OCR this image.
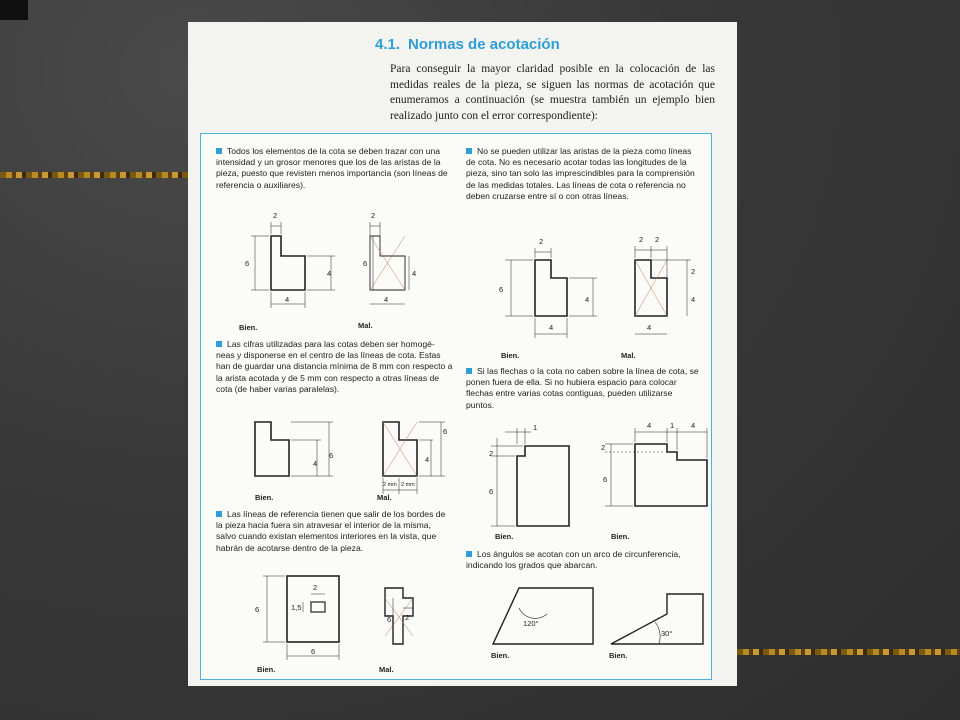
4.1. Normas de acotación
Para conseguir la mayor claridad posible en la colocación de las medidas reales de la pieza, se siguen las normas de acotación que enumeramos a continuación (se muestra también un ejemplo bien realizado junto con el error correspondiente):
Todos los elementos de la cota se deben trazar con una intensidad y un grosor menores que los de las aristas de la pieza, puesto que revisten menos importancia (son líneas de referencia o auxiliares).
2
6
4
4
2
6
4
4
Bien.	Mal.
No se pueden utilizar las aristas de la pieza como líneas de cota. No es necesario acotar todas las longitudes de la pieza, sino tan solo las imprescindibles para la comprensión de las medidas totales. Las líneas de cota o referencia no deben cruzarse entre sí o con otras líneas.
2
6
4
4
2 2
2
4
4
Bien.	Mal.
Las cifras utilizadas para las cotas deben ser homogé-neas y disponerse en el centro de las líneas de cota. Estas han de guardar una distancia mínima de 8 mm con respecto a la arista acotada y de 5 mm con respecto a otras líneas de cota (de haber varias paralelas).
6
4
6
4
2 mm 2 mm
Bien.	Mal.
Si las flechas o la cota no caben sobre la línea de cota, se ponen fuera de ella. Si no hubiera espacio para colocar flechas entre varias cotas contiguas, pueden utilizarse puntos.
1
2
6
4	1 4
2
6
Bien.	Bien.
Las líneas de referencia tienen que salir de los bordes de la pieza hacia fuera sin atravesar el interior de la misma, salvo cuando existan elementos interiores en la vista, que habrán de acotarse dentro de la pieza.
6
2
1,5
6
6 2
Bien.	Mal.
Los ángulos se acotan con un arco de circunferencia, indicando los grados que abarcan.
120°
30°
Bien.	Bien.
